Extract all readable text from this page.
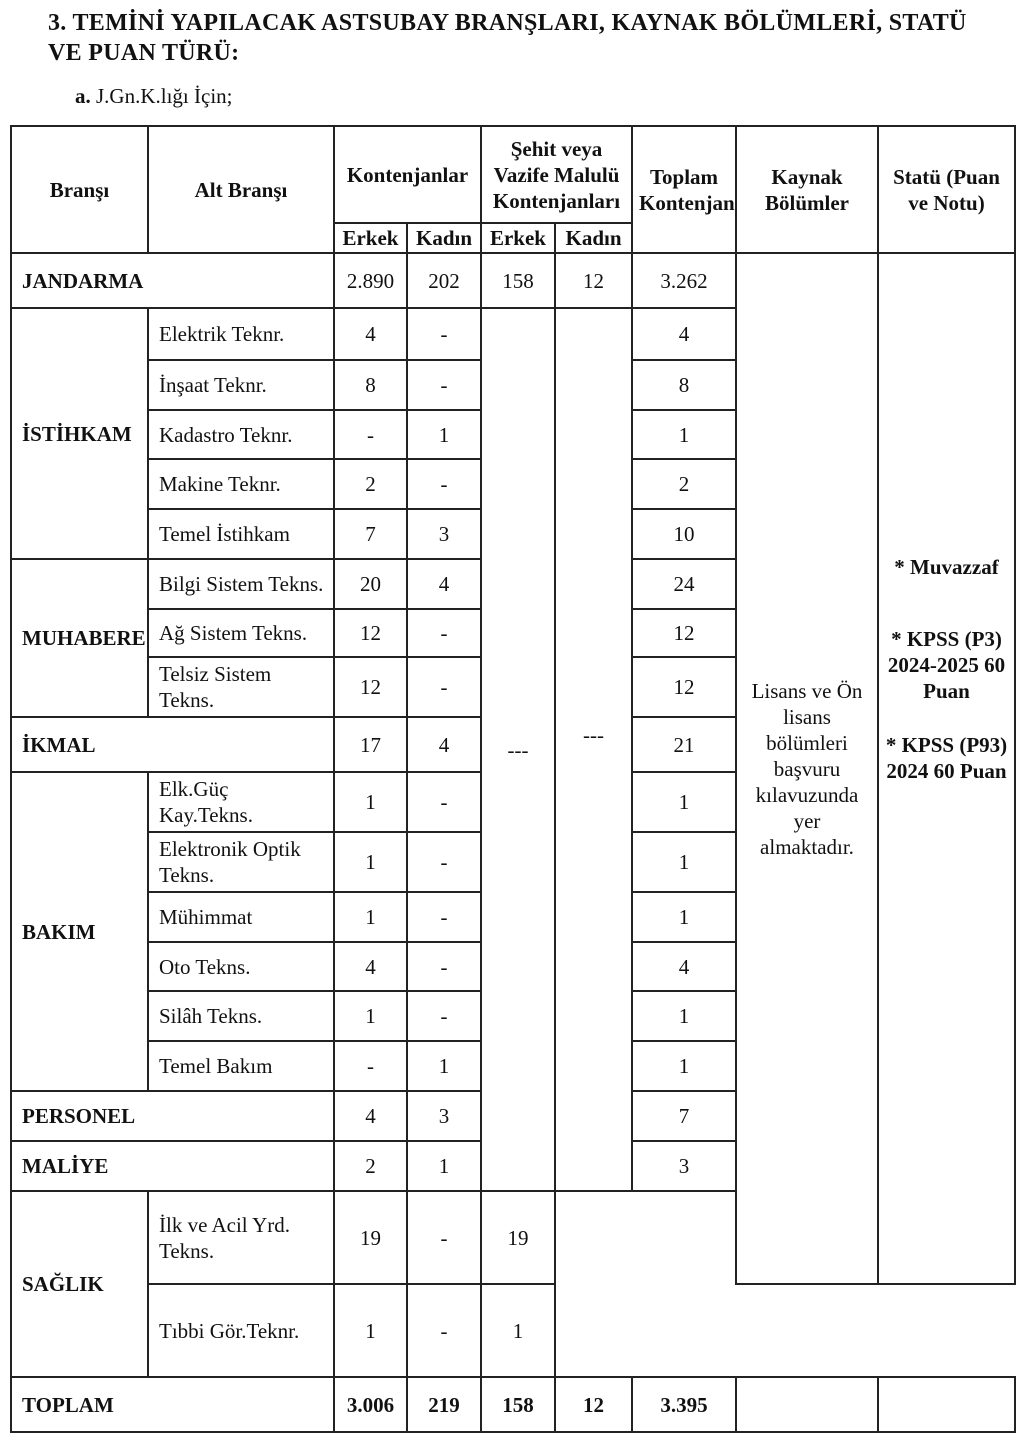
3. TEMİNİ YAPILACAK ASTSUBAY BRANŞLARI, KAYNAK BÖLÜMLERİ, STATÜ VE PUAN TÜRÜ:
a. J.Gn.K.lığı İçin;
Branşı	Alt Branşı	Kontenjanlar		Şehit veya Vazife Malulü Kontenjanları		Toplam Kontenjan	Kaynak Bölümler	Statü (Puan ve Notu)
		Erkek	Kadın	Erkek	Kadın			
JANDARMA		2.890	202	158	12	3.262	Lisans ve Ön lisans bölümleri başvuru kılavuzunda yer almaktadır.	* Muvazzaf
* KPSS (P3) 2024-2025 60 Puan
* KPSS (P93) 2024 60 Puan

İSTİHKAM	Elektrik Teknr.	4	-	---	---	4		
	İnşaat Teknr.	8	-			8		
	Kadastro Teknr.	-	1			1		
	Makine Teknr.	2	-			2		
	Temel İstihkam	7	3			10		
MUHABERE	Bilgi Sistem Tekns.	20	4			24		
	Ağ Sistem Tekns.	12	-			12		
	Telsiz Sistem Tekns.	12	-			12		
İKMAL		17	4			21		
BAKIM	Elk.Güç Kay.Tekns.	1	-			1		
	Elektronik Optik Tekns.	1	-			1		
	Mühimmat	1	-			1		
	Oto Tekns.	4	-			4		
	Silâh Tekns.	1	-			1		
	Temel Bakım	-	1			1		
PERSONEL		4	3			7		
MALİYE		2	1			3		
SAĞLIK	İlk ve Acil Yrd. Tekns.	19	-	19				
	Tıbbi Gör.Teknr.	1	-	1				
TOPLAM		3.006	219	158	12	3.395		
